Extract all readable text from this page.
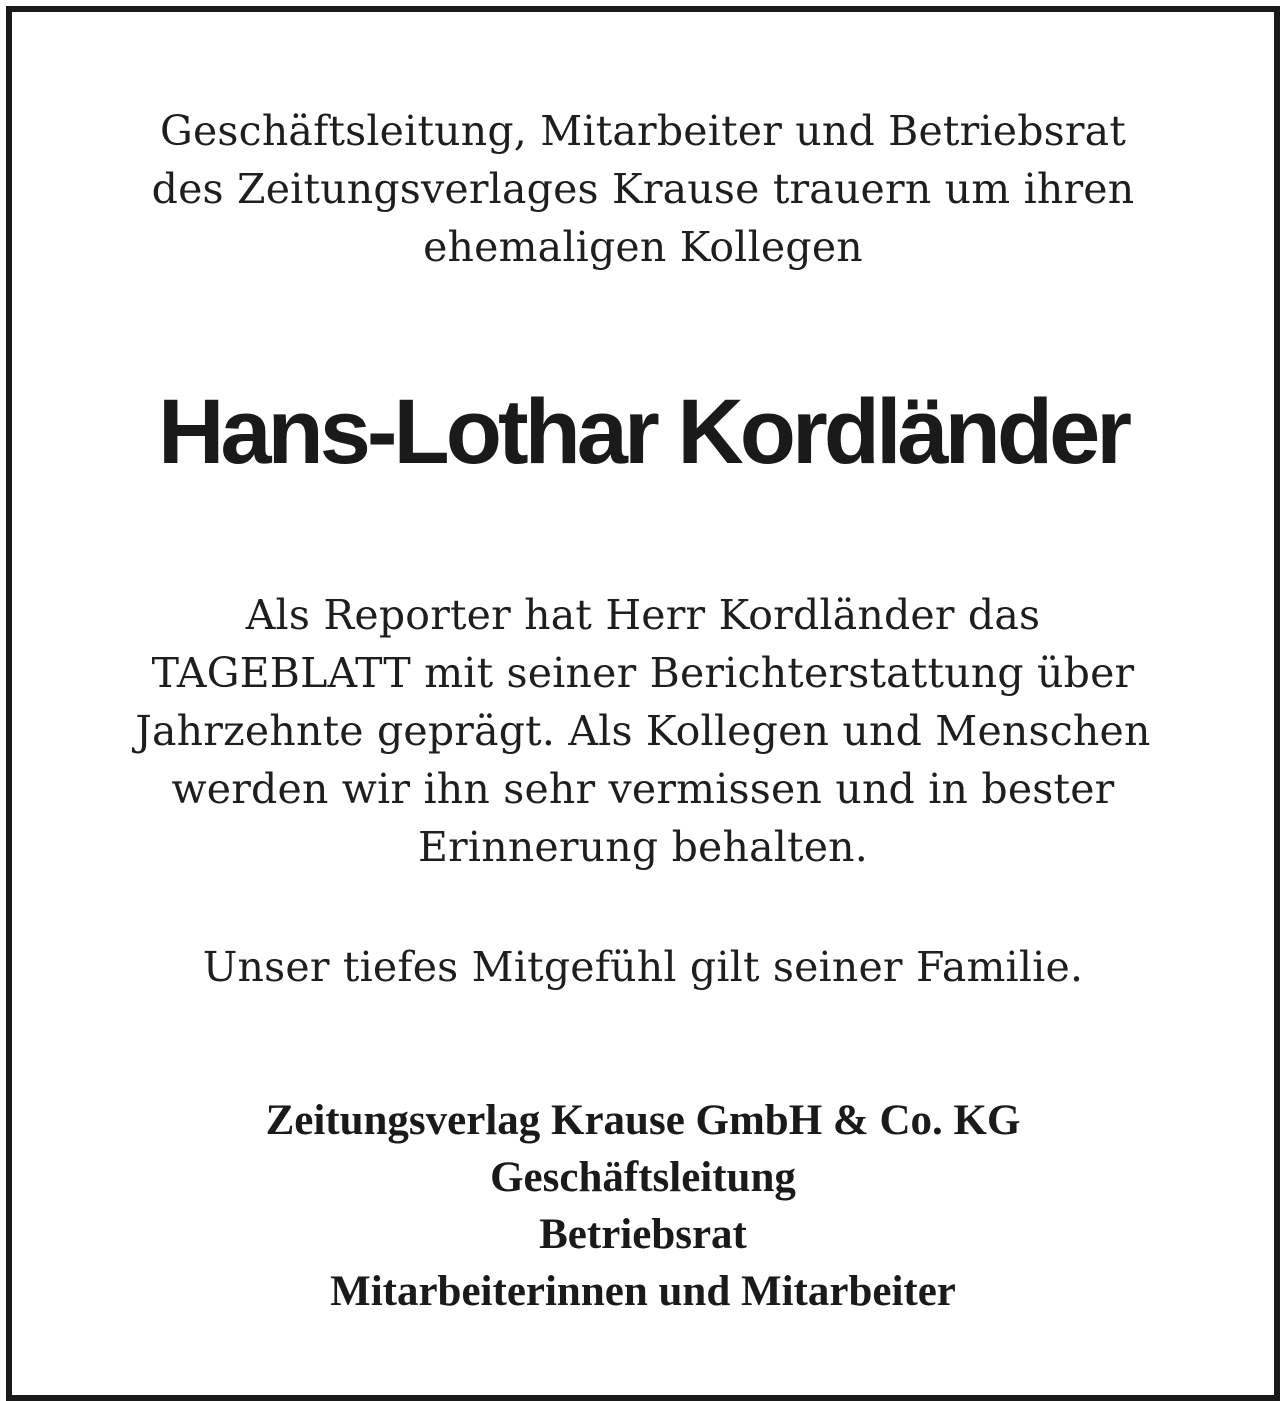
Geschäftsleitung, Mitarbeiter und Betriebsrat
des Zeitungsverlages Krause trauern um ihren
ehemaligen Kollegen
Hans-Lothar Kordländer
Als Reporter hat Herr Kordländer das
TAGEBLATT mit seiner Berichterstattung über
Jahrzehnte geprägt. Als Kollegen und Menschen
werden wir ihn sehr vermissen und in bester
Erinnerung behalten.
Unser tiefes Mitgefühl gilt seiner Familie.
Zeitungsverlag Krause GmbH & Co. KG
Geschäftsleitung
Betriebsrat
Mitarbeiterinnen und Mitarbeiter
